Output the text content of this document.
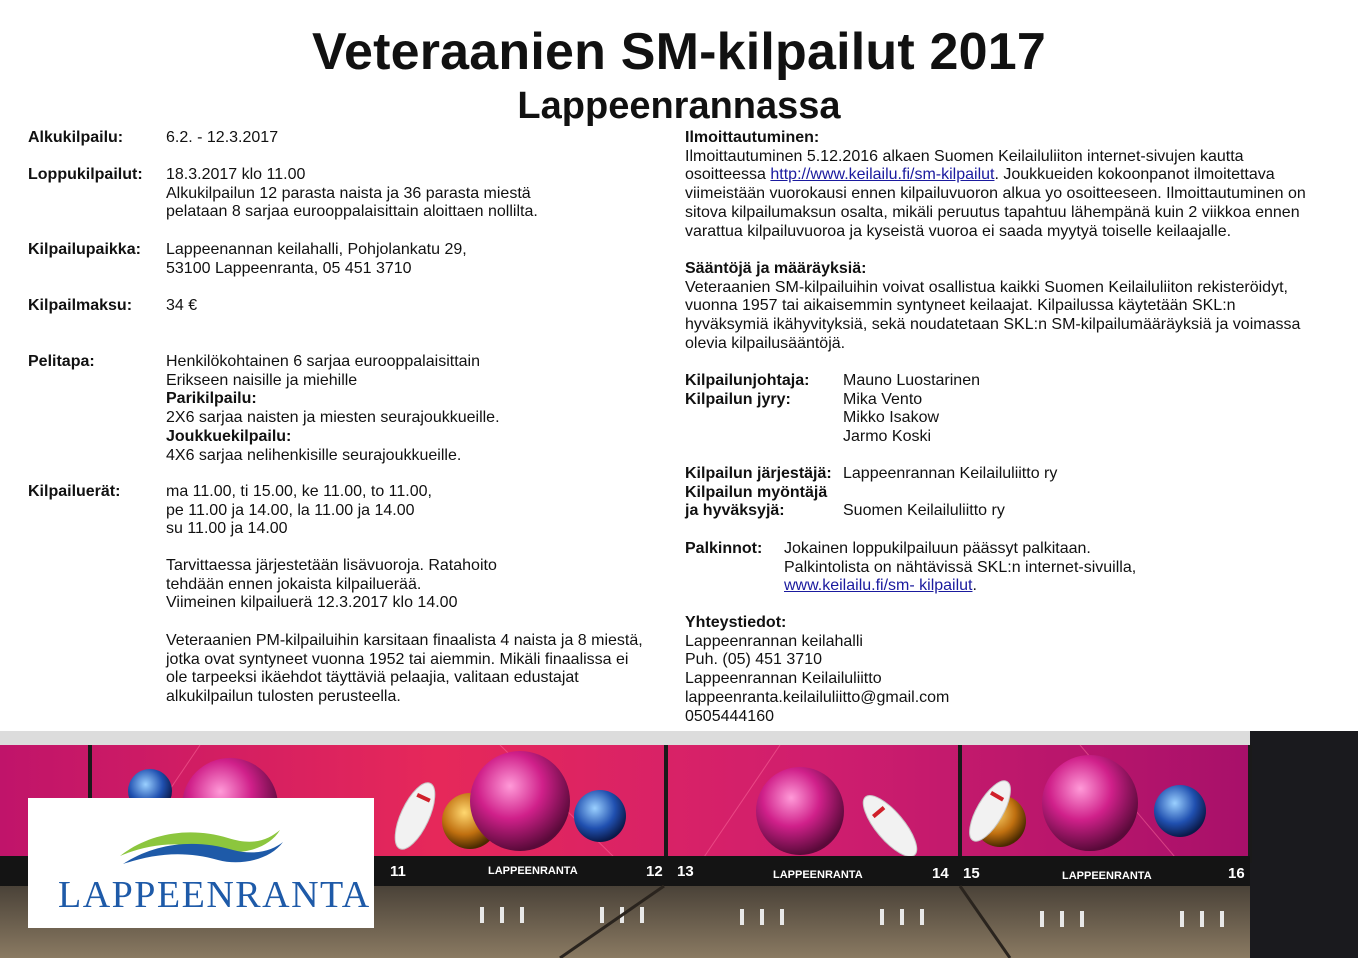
Veteraanien SM-kilpailut 2017
Lappeenrannassa
Alkukilpailu:	6.2. - 12.3.2017
Loppukilpailut: 18.3.2017 klo 11.00
Alkukilpailun 12 parasta naista ja 36 parasta miestä
pelataan 8 sarjaa eurooppalaisittain aloittaen nollilta.
Kilpailupaikka: Lappeenannan keilahalli, Pohjolankatu 29,
53100 Lappeenranta, 05 451 3710
Kilpailmaksu: 34 €
Pelitapa:	Henkilökohtainen 6 sarjaa eurooppalaisittain
Erikseen naisille ja miehille
Parikilpailu:
2X6 sarjaa naisten ja miesten seurajoukkueille.
Joukkuekilpailu:
4X6 sarjaa nelihenkisille seurajoukkueille.
Kilpailuerät:	ma 11.00, ti 15.00, ke 11.00, to 11.00,
pe 11.00 ja 14.00, la 11.00 ja 14.00
su 11.00 ja 14.00
Tarvittaessa järjestetään lisävuoroja. Ratahoito
tehdään ennen jokaista kilpailuerää.
Viimeinen kilpailuerä 12.3.2017 klo 14.00
Veteraanien PM-kilpailuihin karsitaan finaalista 4 naista ja 8 miestä,
jotka ovat syntyneet vuonna 1952 tai aiemmin. Mikäli finaalissa ei
ole tarpeeksi ikäehdot täyttäviä pelaajia, valitaan edustajat
alkukilpailun tulosten perusteella.
Ilmoittautuminen:
Ilmoittautuminen 5.12.2016 alkaen Suomen Keilailuliiton internet-sivujen kautta
osoitteessa http://www.keilailu.fi/sm-kilpailut. Joukkueiden kokoonpanot ilmoitettava
viimeistään vuorokausi ennen kilpailuvuoron alkua yo osoitteeseen. Ilmoittautuminen on
sitova kilpailumaksun osalta, mikäli peruutus tapahtuu lähempänä kuin 2 viikkoa ennen
varattua kilpailuvuoroa ja kyseistä vuoroa ei saada myytyä toiselle keilaajalle.
Sääntöjä ja määräyksiä:
Veteraanien SM-kilpailuihin voivat osallistua kaikki Suomen Keilailuliiton rekisteröidyt,
vuonna 1957 tai aikaisemmin syntyneet keilaajat. Kilpailussa käytetään SKL:n
hyväksymiä ikähyvityksiä, sekä noudatetaan SKL:n SM-kilpailumääräyksiä ja voimassa
olevia kilpailusääntöjä.
Kilpailunjohtaja: Mauno Luostarinen
Kilpailun jyry:	Mika Vento
Mikko Isakow
Jarmo Koski
Kilpailun järjestäjä: Lappeenrannan Keilailuliitto ry
Kilpailun myöntäjä
ja hyväksyjä:	Suomen Keilailuliitto ry
Palkinnot: Jokainen loppukilpailuun päässyt palkitaan.
Palkintolista on nähtävissä SKL:n internet-sivuilla,
www.keilailu.fi/sm- kilpailut.
Yhteystiedot:
Lappeenrannan keilahalli
Puh. (05) 451 3710
Lappeenrannan Keilailuliitto
lappeenranta.keilailuliitto@gmail.com
0505444160
11	12 13	14 15	16
LAPPEENRANTA	LAPPEENRANTA	LAPPEENRANTA
LAPPEENRANTA
